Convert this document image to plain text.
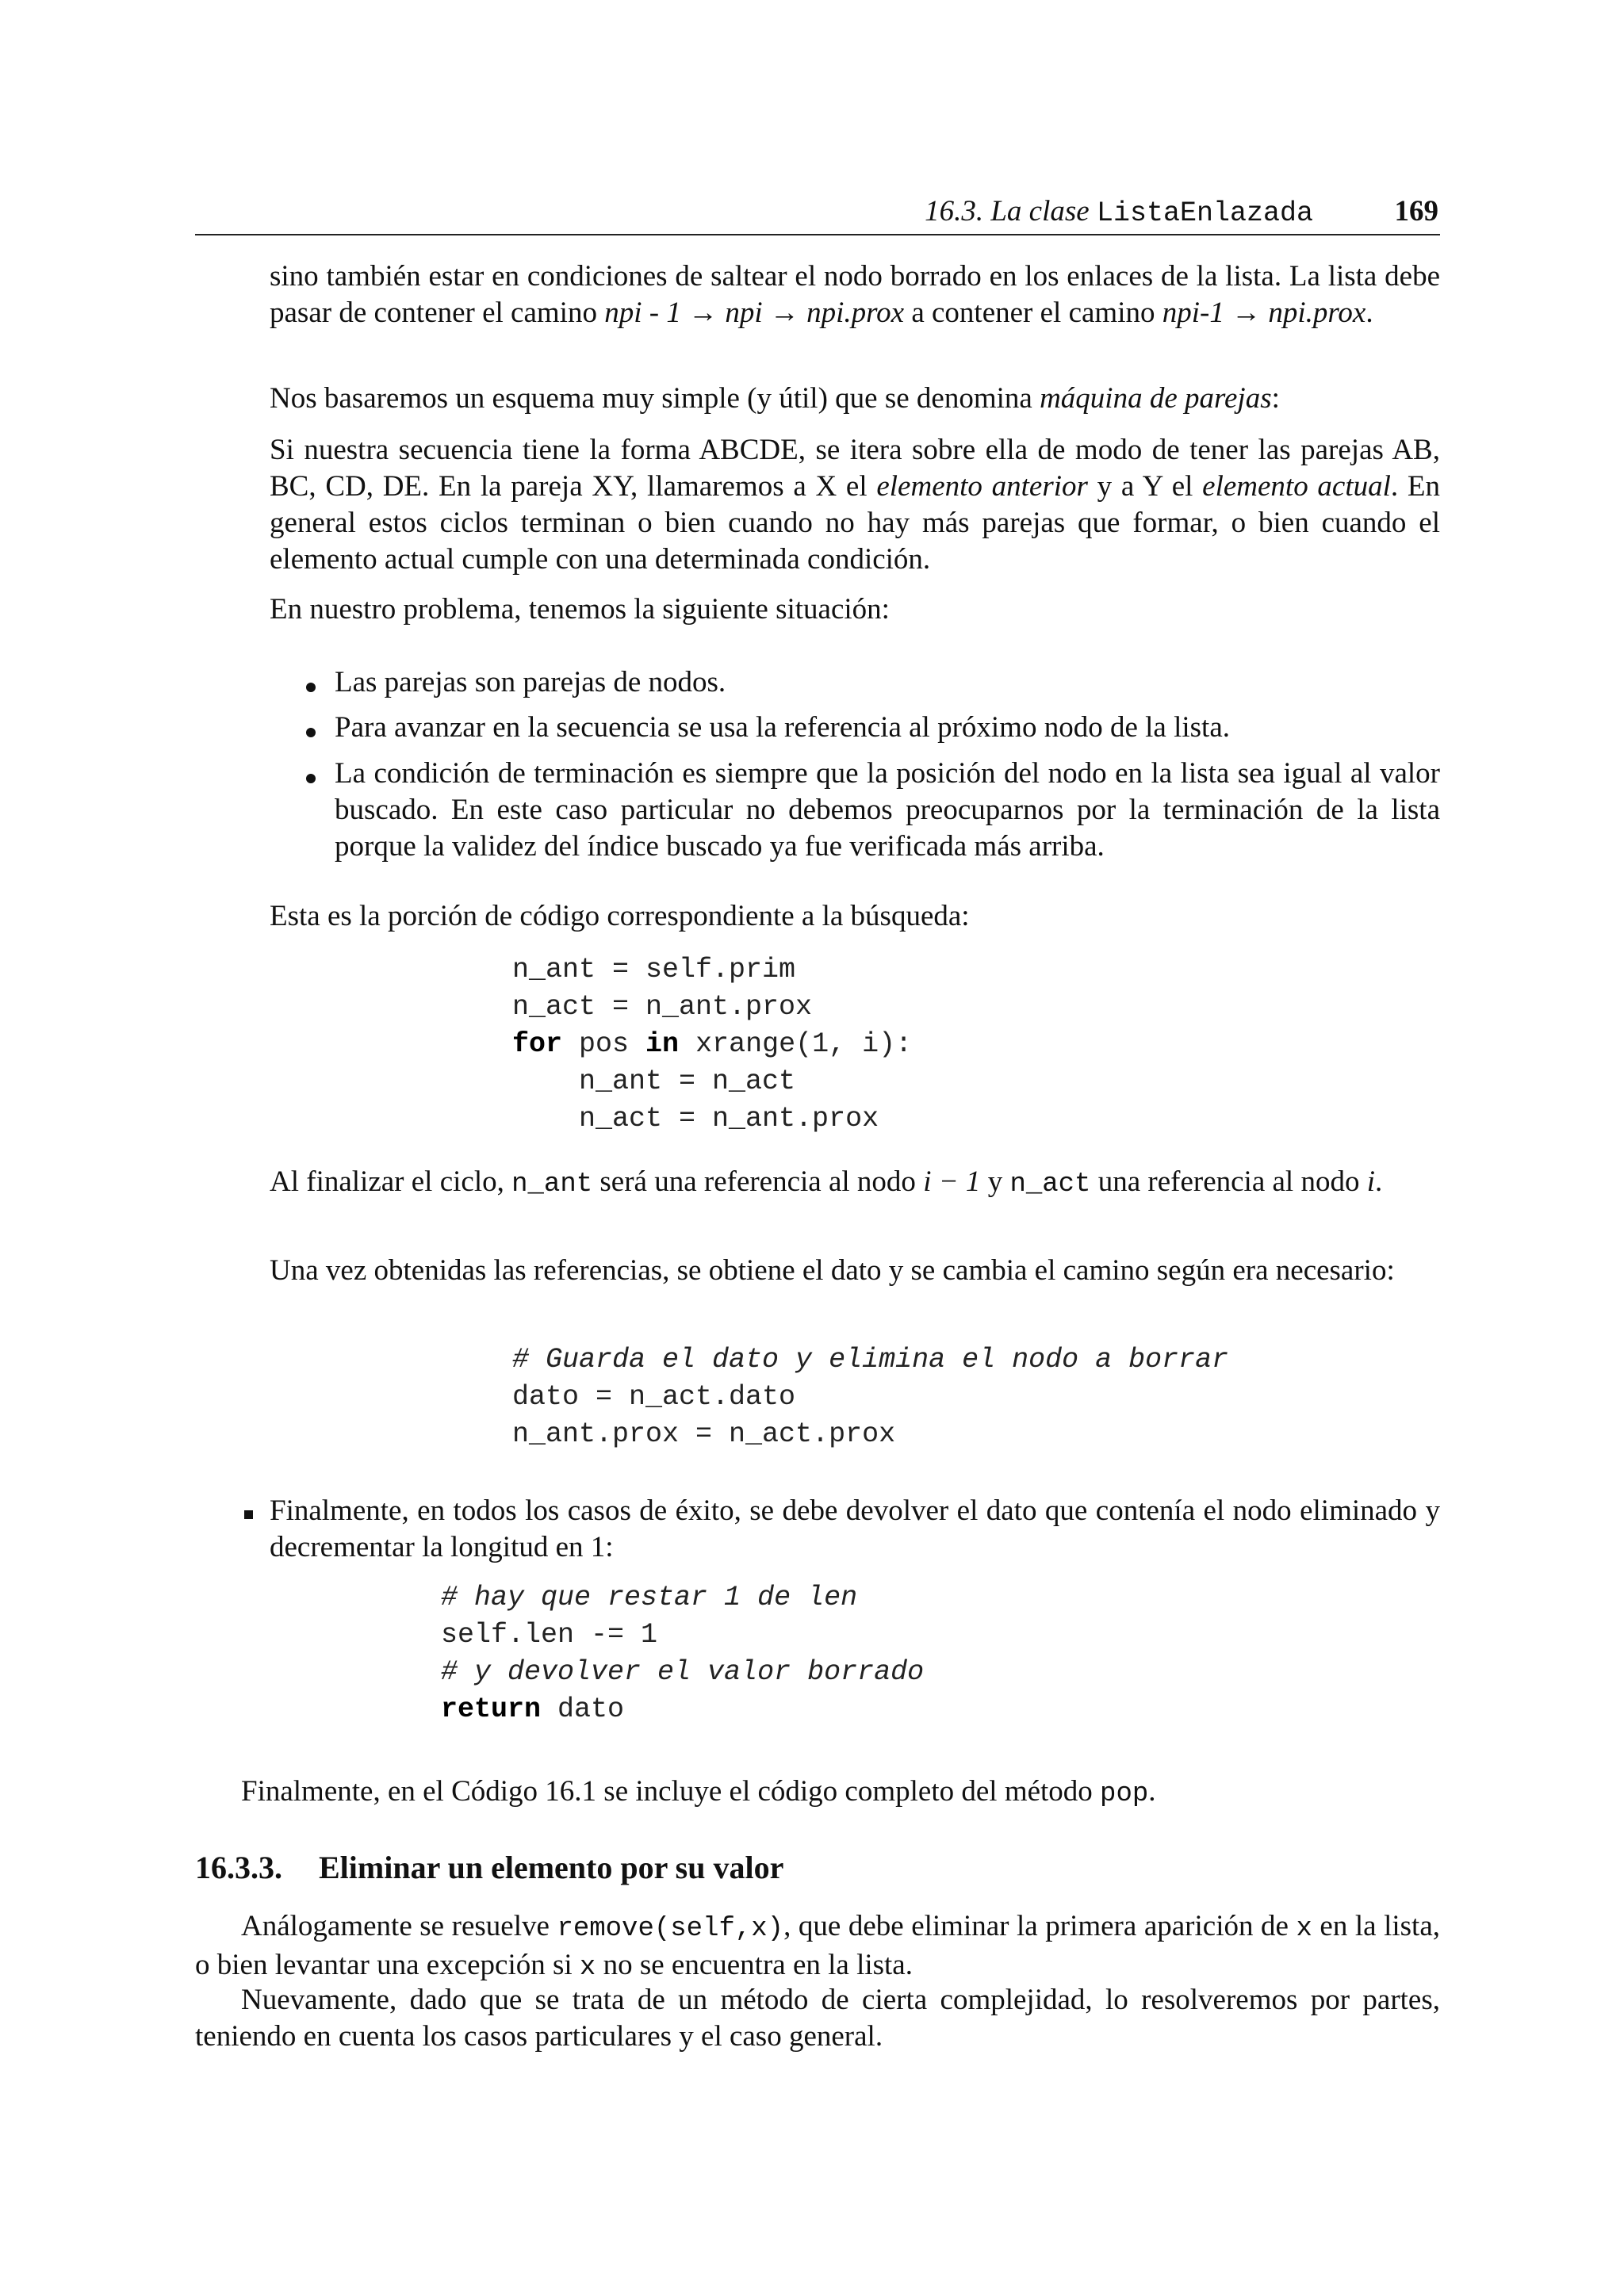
16.3. La clase ListaEnlazada	169

sino también estar en condiciones de saltear el nodo borrado en los enlaces de la lista. La lista debe pasar de contener el camino npi - 1 → npi → npi.prox a contener el camino npi-1 → npi.prox.

Nos basaremos un esquema muy simple (y útil) que se denomina máquina de parejas:

Si nuestra secuencia tiene la forma ABCDE, se itera sobre ella de modo de tener las parejas AB, BC, CD, DE. En la pareja XY, llamaremos a X el elemento anterior y a Y el elemento actual. En general estos ciclos terminan o bien cuando no hay más parejas que formar, o bien cuando el elemento actual cumple con una determinada condición.

En nuestro problema, tenemos la siguiente situación:

Las parejas son parejas de nodos.
Para avanzar en la secuencia se usa la referencia al próximo nodo de la lista.
La condición de terminación es siempre que la posición del nodo en la lista sea igual al valor buscado. En este caso particular no debemos preocuparnos por la terminación de la lista porque la validez del índice buscado ya fue verificada más arriba.

Esta es la porción de código correspondiente a la búsqueda:

n_ant = self.prim
n_act = n_ant.prox
for pos in xrange(1, i):
n_ant = n_act
n_act = n_ant.prox

Al finalizar el ciclo, n_ant será una referencia al nodo i − 1 y n_act una referencia al nodo i.

Una vez obtenidas las referencias, se obtiene el dato y se cambia el camino según era necesario:

# Guarda el dato y elimina el nodo a borrar
dato = n_act.dato
n_ant.prox = n_act.prox
Finalmente, en todos los casos de éxito, se debe devolver el dato que contenía el nodo eliminado y decrementar la longitud en 1:
# hay que restar 1 de len
self.len -= 1
# y devolver el valor borrado
return dato

Finalmente, en el Código 16.1 se incluye el código completo del método pop.

16.3.3. Eliminar un elemento por su valor

Análogamente se resuelve remove(self,x), que debe eliminar la primera aparición de x en la lista, o bien levantar una excepción si x no se encuentra en la lista.

Nuevamente, dado que se trata de un método de cierta complejidad, lo resolveremos por partes, teniendo en cuenta los casos particulares y el caso general.
